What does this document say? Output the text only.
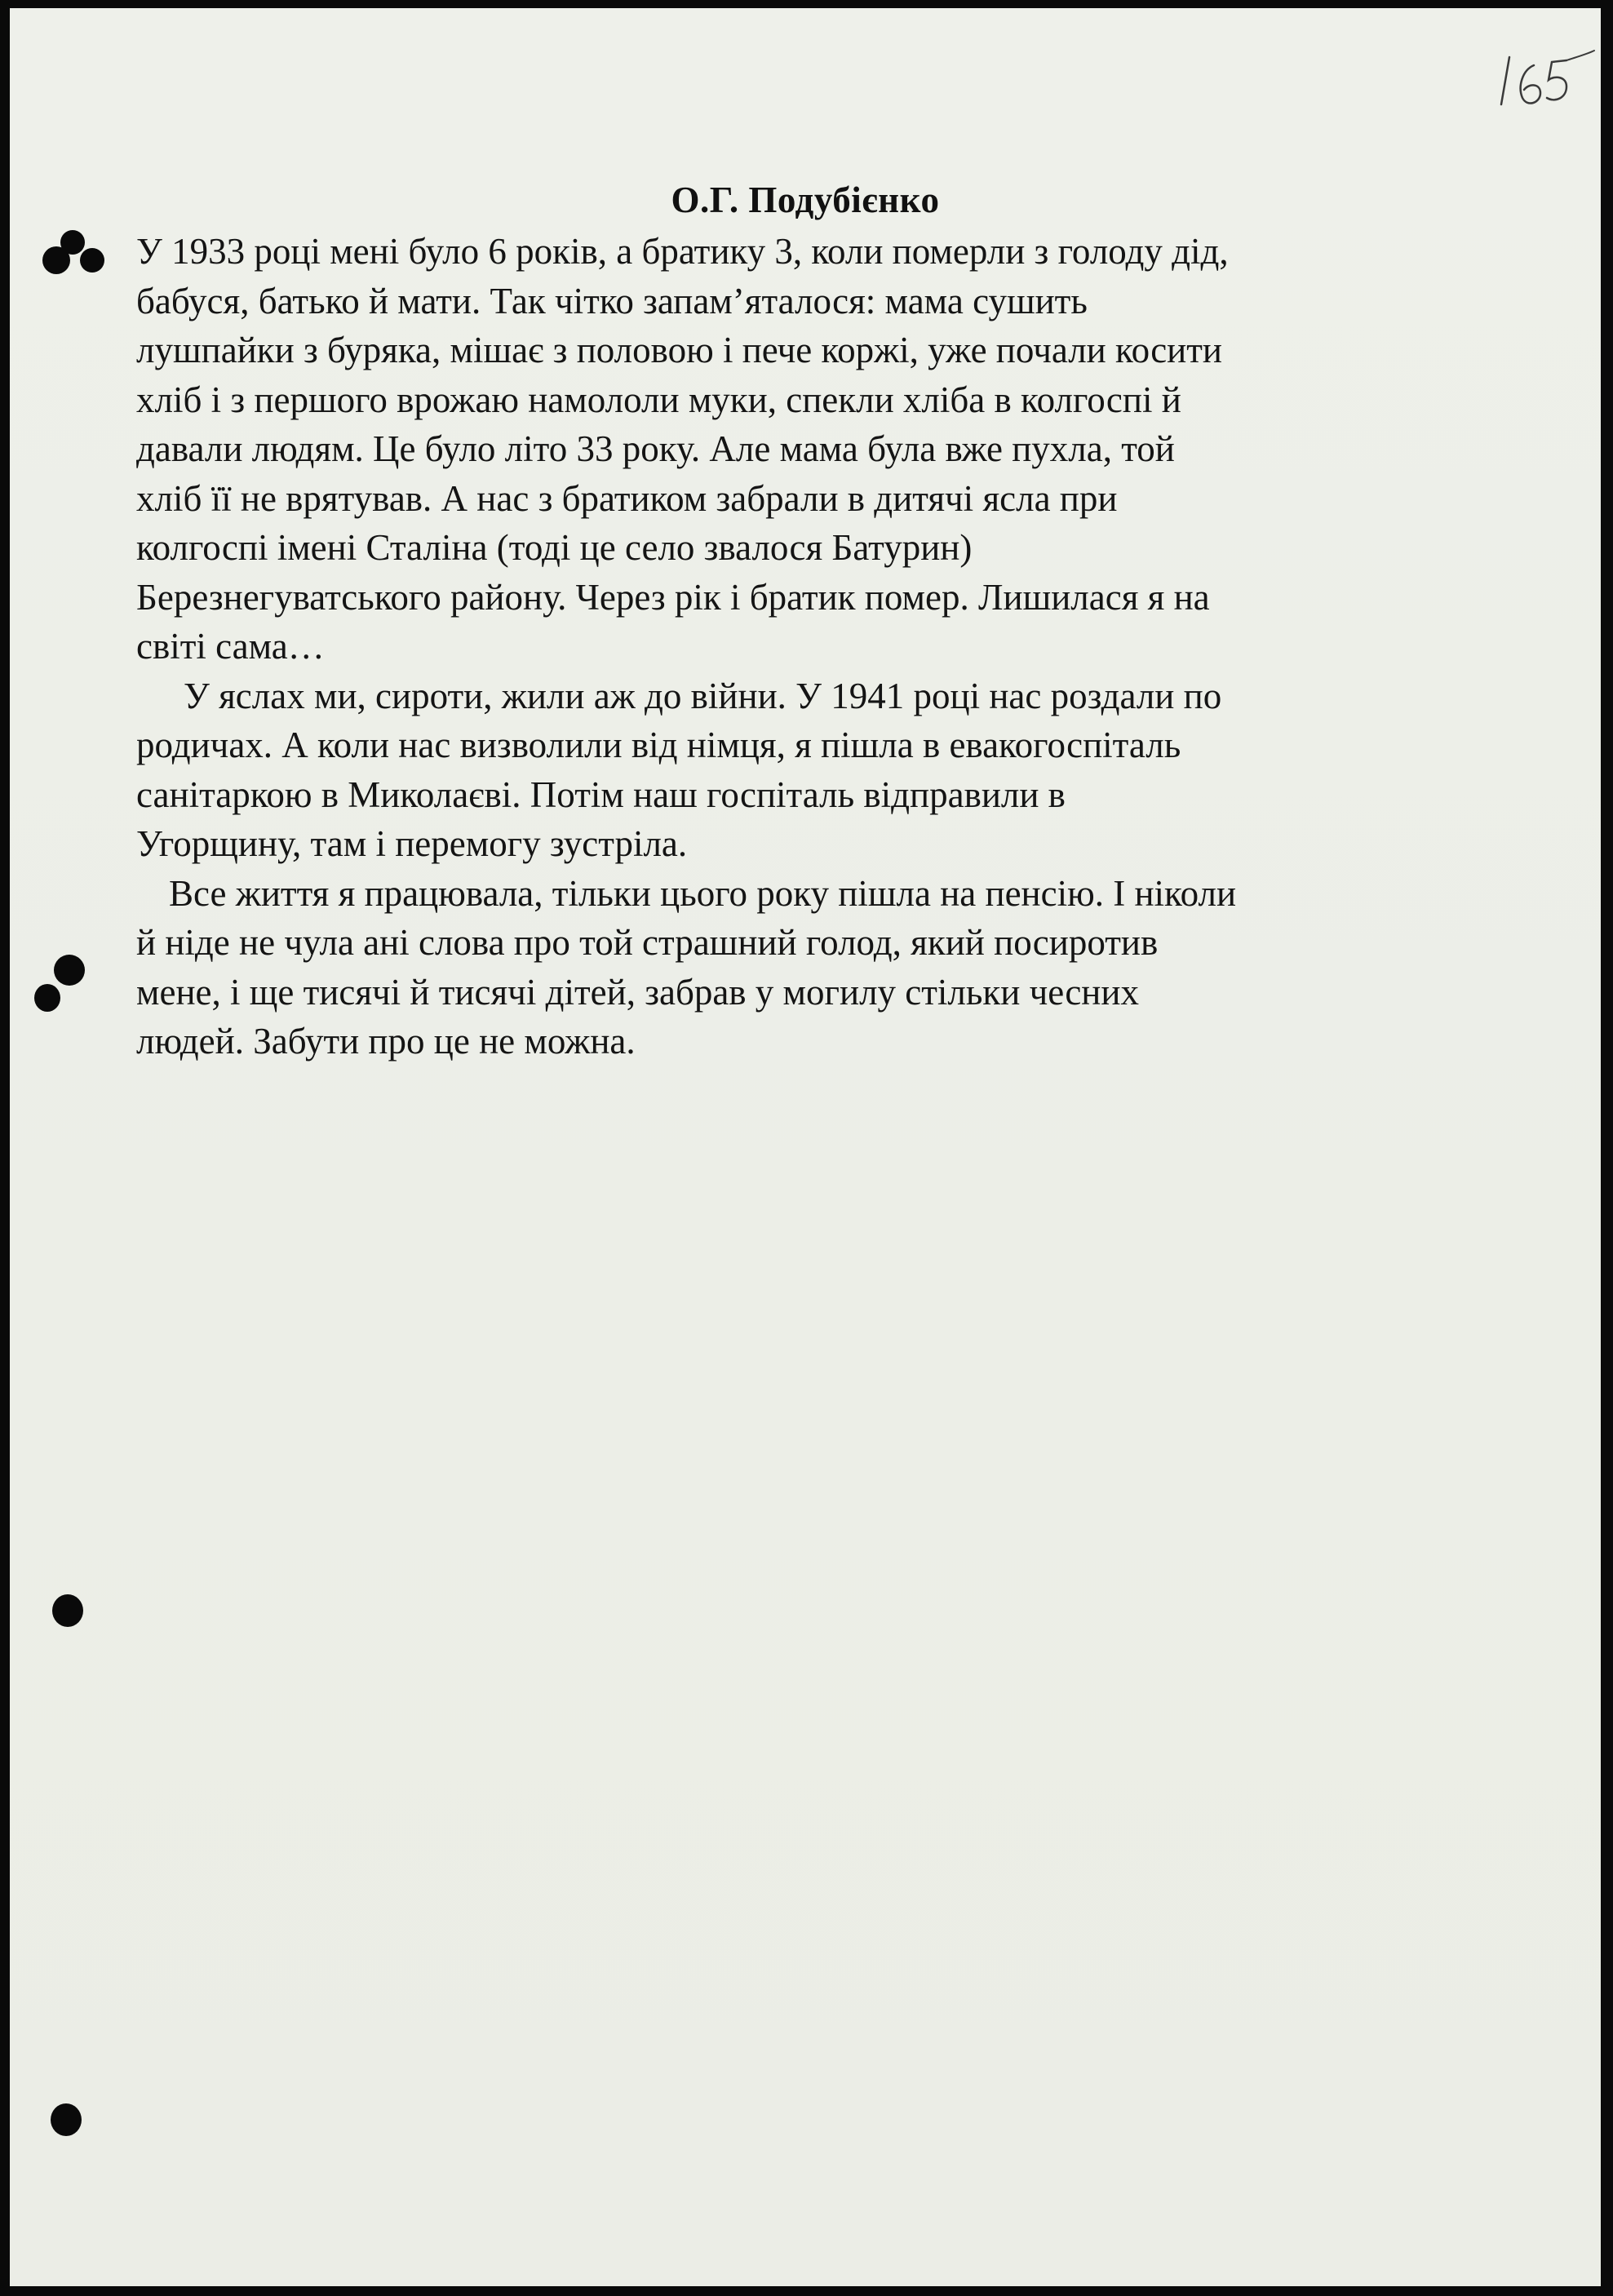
О.Г. Подубієнко

У 1933 році мені було 6 років, а братику 3, коли померли з голоду дід,
бабуся, батько й мати. Так чітко запам’яталося: мама сушить
лушпайки з буряка, мішає з половою і пече коржі, уже почали косити
хліб і з першого врожаю намололи муки, спекли хліба в колгоспі й
давали людям. Це було літо 33 року. Але мама була вже пухла, той
хліб її не врятував. А нас з братиком забрали в дитячі ясла при
колгоспі імені Сталіна (тоді це село звалося Батурин)
Березнегуватського району. Через рік і братик помер. Лишилася я на
світі сама…

У яслах ми, сироти, жили аж до війни. У 1941 році нас роздали по
родичах. А коли нас визволили від німця, я пішла в евакогоспіталь
санітаркою в Миколаєві. Потім наш госпіталь відправили в
Угорщину, там і перемогу зустріла.

Все життя я працювала, тільки цього року пішла на пенсію. І ніколи
й ніде не чула ані слова про той страшний голод, який посиротив
мене, і ще тисячі й тисячі дітей, забрав у могилу стільки чесних
людей. Забути про це не можна.
